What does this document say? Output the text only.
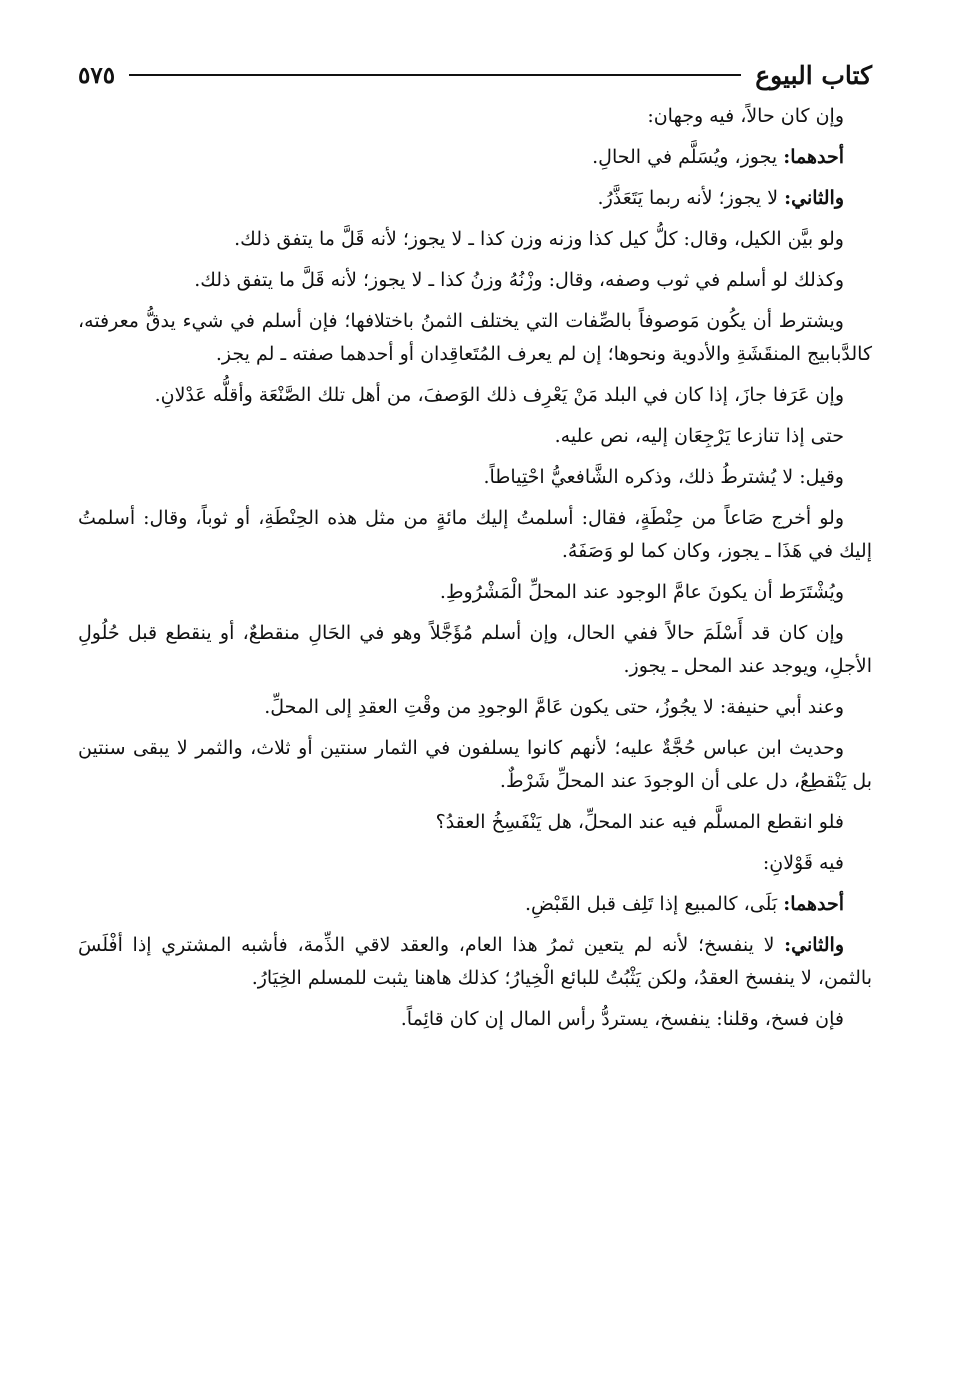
كتاب البيوع
٥٧٥

وإن كان حالاً، فيه وجهان:

أحدهما: يجوز، ويُسَلَّم في الحالِ.

والثاني: لا يجوز؛ لأنه ربما يَتَعَذَّرُ.

ولو بيَّن الكيل، وقال: كلُّ كيل كذا وزنه وزن كذا ـ لا يجوز؛ لأنه قَلَّ ما يتفق ذلك.

وكذلك لو أسلم في ثوب وصفه، وقال: وزْنُهُ وزنُ كذا ـ لا يجوز؛ لأنه قَلَّ ما يتفق ذلك.

ويشترط أن يكُون مَوصوفاً بالصِّفات التي يختلف الثمنُ باختلافها؛ فإن أسلم في شيء يدقُّ معرفته، كالدَّبابيج المنقَشَةِ والأدوية ونحوها؛ إن لم يعرف المُتَعاقِدان أو أحدهما صفته ـ لم يجز.

وإن عَرَفا جازَ، إذا كان في البلد مَنْ يَعْرِف ذلك الوَصفَ، من أهل تلك الصَّنْعَة وأقلُّه عَدْلانِ.

حتى إذا تنازعا يَرْجِعَان إليه، نص عليه.

وقيل: لا يُشترطُ ذلك، وذكره الشَّافعيُّ احْتِياطاً.

ولو أخرج صَاعاً من حِنْطَةٍ، فقال: أسلمتُ إليك مائةٍ من مثل هذه الحِنْطَةِ، أو ثوباً، وقال: أسلمتُ إليك في هَذَا ـ يجوز، وكان كما لو وَصَفَهُ.

ويُشْتَرَط أن يكونَ عامَّ الوجود عند المحلِّ الْمَشْرُوطِ.

وإن كان قد أَسْلَمَ حالاً ففي الحال، وإن أسلم مُؤَجَّلاً وهو في الحَالِ منقطعٌ، أو ينقطع قبل حُلُولِ الأجلِ، ويوجد عند المحل ـ يجوز.

وعند أبي حنيفة: لا يجُوزُ، حتى يكون عَامَّ الوجودِ من وقْتِ العقدِ إلى المحلِّ.

وحديث ابن عباس حُجَّةٌ عليه؛ لأنهم كانوا يسلفون في الثمار سنتين أو ثلاث، والثمر لا يبقى سنتين بل يَنْقطِعُ، دل على أن الوجودَ عند المحلِّ شَرْطٌ.

فلو انقطع المسلَّم فيه عند المحلِّ، هل يَنْفَسِخُ العقدُ؟

فيه قَوْلانِ:

أحدهما: بَلَى، كالمبيع إذا تَلِف قبل القَبْضِ.

والثاني: لا ينفسخ؛ لأنه لم يتعين ثمرُ هذا العام، والعقد لاقي الذِّمة، فأشبه المشتري إذا أفْلَسَ بالثمن، لا ينفسخ العقدُ، ولكن يَثْبُتُ للبائع الْخِيارُ؛ كذلك هاهنا يثبت للمسلم الخِيَارُ.

فإن فسخ، وقلنا: ينفسخ، يستردُّ رأس المال إن كان قائِماً.
